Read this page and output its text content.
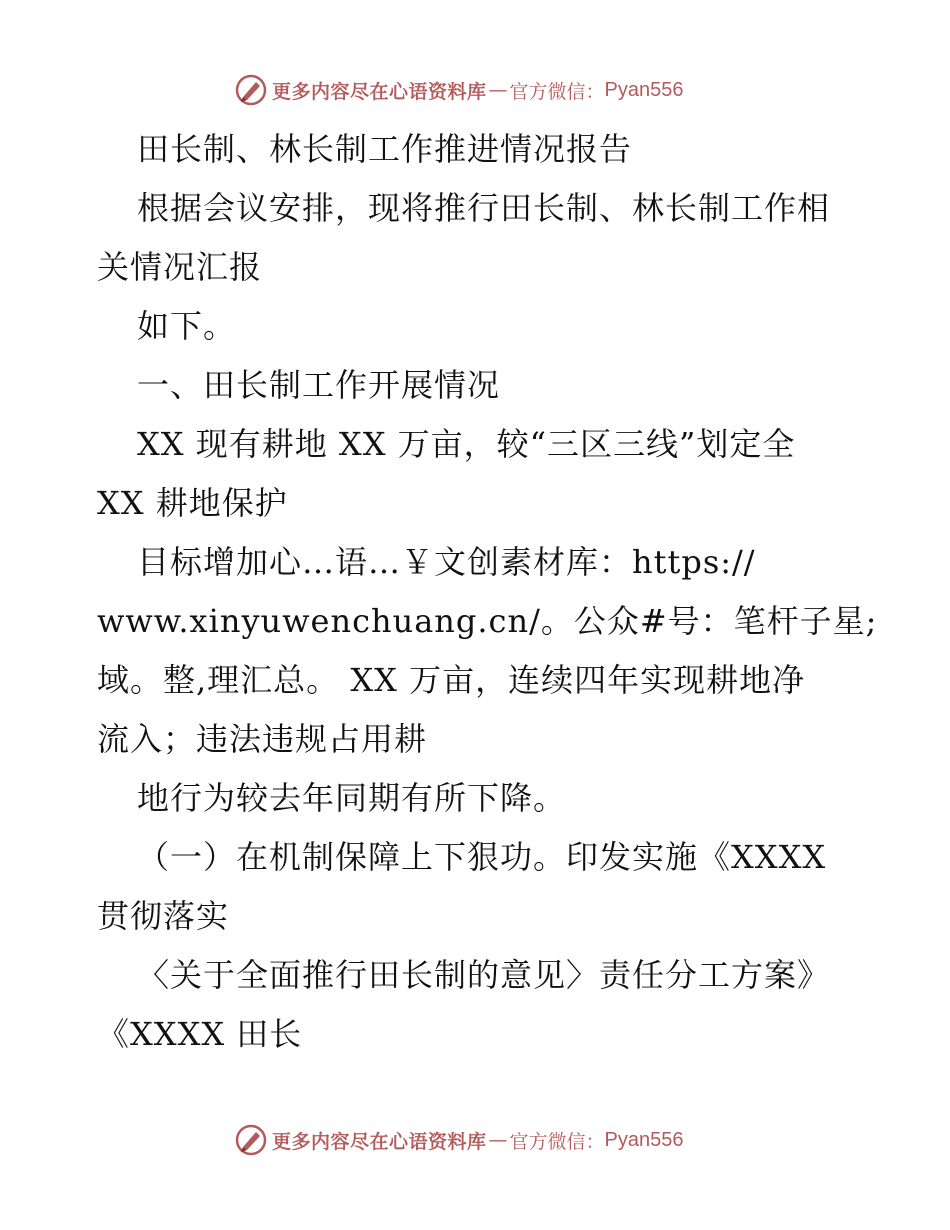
更多内容尽在心语资料库 — 官方微信： Pyan556
田长制、林长制工作推进情况报告
根据会议安排，现将推行田长制、林长制工作相
关情况汇报
如下。
一、田长制工作开展情况
XX 现有耕地 XX 万亩，较“三区三线”划定全
XX 耕地保护
目标增加心…语…￥文创素材库：https://
www.xinyuwenchuang.cn/。公众#号：笔杆子星;
域。整,理汇总。 XX 万亩，连续四年实现耕地净
流入；违法违规占用耕
地行为较去年同期有所下降。
（一）在机制保障上下狠功。印发实施《XXXX
贯彻落实
〈关于全面推行田长制的意见〉责任分工方案》
《XXXX 田长
更多内容尽在心语资料库 — 官方微信： Pyan556
